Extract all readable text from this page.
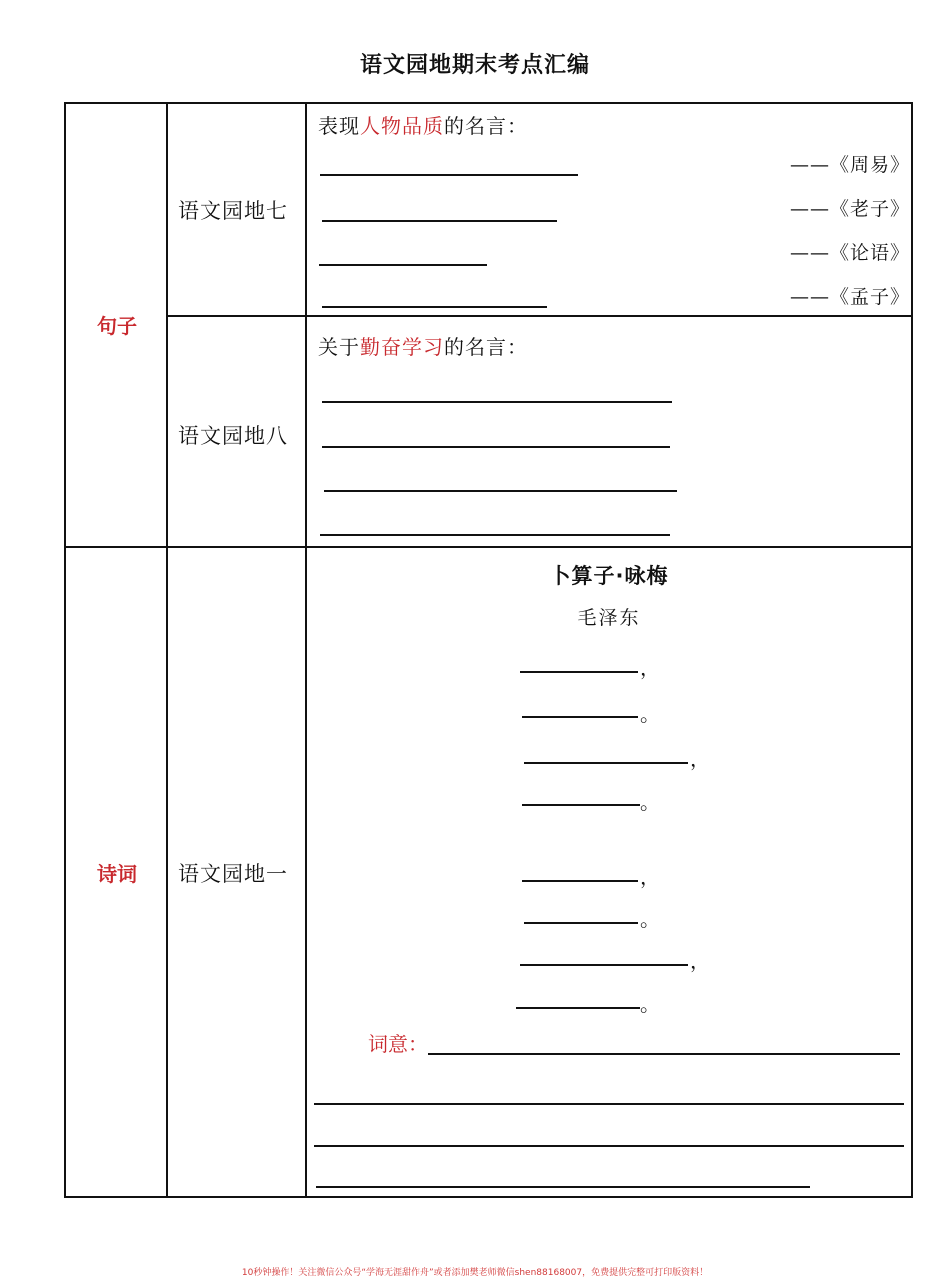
语文园地期末考点汇编
句子
诗词
语文园地七
语文园地八
语文园地一
表现人物品质的名言：
——《周易》
——《老子》
——《论语》
——《孟子》
关于勤奋学习的名言：
卜算子·咏梅
毛泽东
，
。
，
。
，
。
，
。
词意：
10秒钟操作！关注微信公众号“学海无涯甜作舟”或者添加樊老师微信shen88168007，免费提供完整可打印版资料！
